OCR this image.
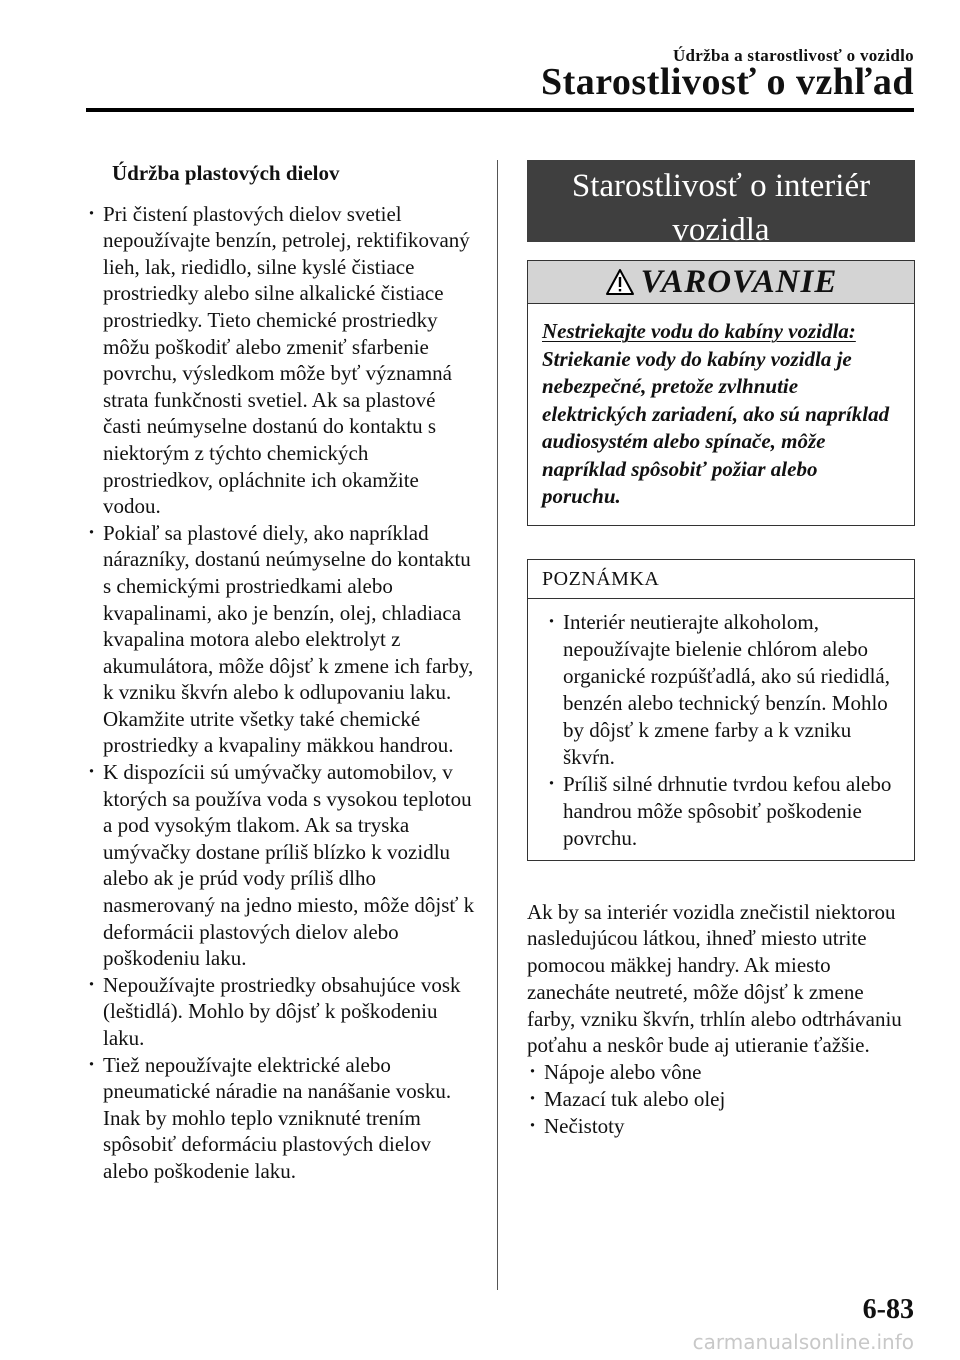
Údržba a starostlivosť o vozidlo
Starostlivosť o vzhľad
Údržba plastových dielov
· Pri čistení plastových dielov svetiel nepoužívajte benzín, petrolej, rektifikovaný lieh, lak, riedidlo, silne kyslé čistiace prostriedky alebo silne alkalické čistiace prostriedky. Tieto chemické prostriedky môžu poškodiť alebo zmeniť sfarbenie povrchu, výsledkom môže byť významná strata funkčnosti svetiel. Ak sa plastové časti neúmyselne dostanú do kontaktu s niektorým z týchto chemických prostriedkov, opláchnite ich okamžite vodou.
· Pokiaľ sa plastové diely, ako napríklad nárazníky, dostanú neúmyselne do kontaktu s chemickými prostriedkami alebo kvapalinami, ako je benzín, olej, chladiaca kvapalina motora alebo elektrolyt z akumulátora, môže dôjsť k zmene ich farby, k vzniku škvŕn alebo k odlupovaniu laku. Okamžite utrite všetky také chemické prostriedky a kvapaliny mäkkou handrou.
· K dispozícii sú umývačky automobilov, v ktorých sa používa voda s vysokou teplotou a pod vysokým tlakom. Ak sa tryska umývačky dostane príliš blízko k vozidlu alebo ak je prúd vody príliš dlho nasmerovaný na jedno miesto, môže dôjsť k deformácii plastových dielov alebo poškodeniu laku.
· Nepoužívajte prostriedky obsahujúce vosk (leštidlá). Mohlo by dôjsť k poškodeniu laku.
· Tiež nepoužívajte elektrické alebo pneumatické náradie na nanášanie vosku. Inak by mohlo teplo vzniknuté trením spôsobiť deformáciu plastových dielov alebo poškodenie laku.
Starostlivosť o interiér vozidla
VAROVANIE
Nestriekajte vodu do kabíny vozidla: Striekanie vody do kabíny vozidla je nebezpečné, pretože zvlhnutie elektrických zariadení, ako sú napríklad audiosystém alebo spínače, môže napríklad spôsobiť požiar alebo poruchu.
POZNÁMKA
· Interiér neutierajte alkoholom, nepoužívajte bielenie chlórom alebo organické rozpúšťadlá, ako sú riedidlá, benzén alebo technický benzín. Mohlo by dôjsť k zmene farby a k vzniku škvŕn.
· Príliš silné drhnutie tvrdou kefou alebo handrou môže spôsobiť poškodenie povrchu.
Ak by sa interiér vozidla znečistil niektorou nasledujúcou látkou, ihneď miesto utrite pomocou mäkkej handry. Ak miesto zanecháte neutreté, môže dôjsť k zmene farby, vzniku škvŕn, trhlín alebo odtrhávaniu poťahu a neskôr bude aj utieranie ťažšie.
· Nápoje alebo vône
· Mazací tuk alebo olej
· Nečistoty
6-83
carmanualsonline.info
